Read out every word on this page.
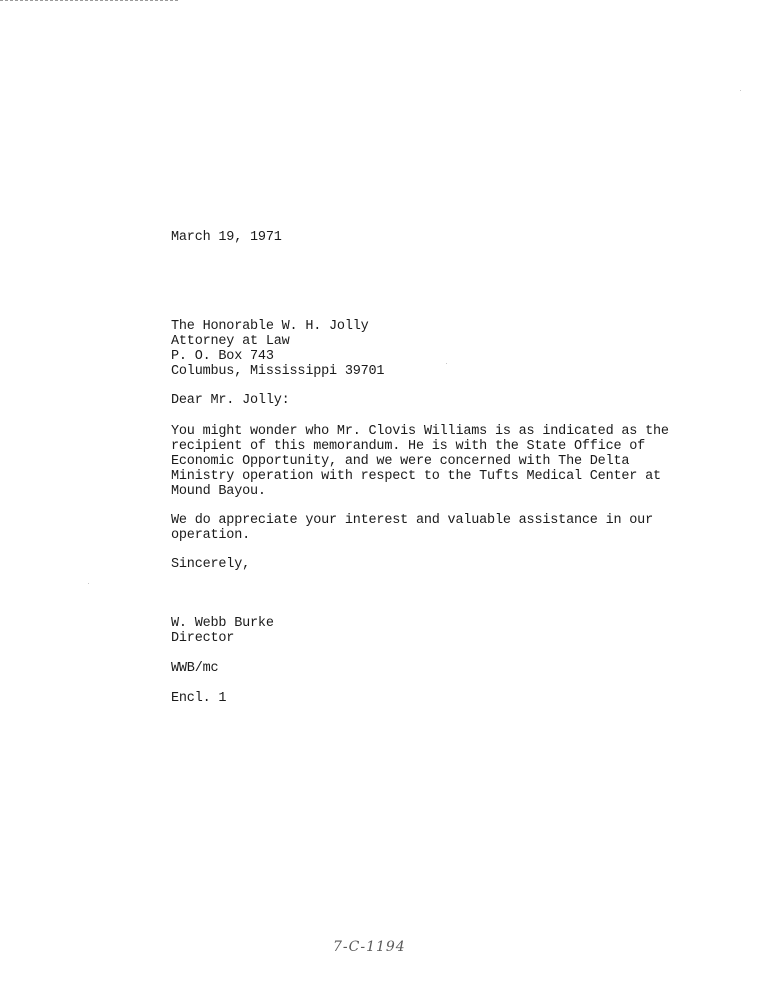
March 19, 1971
The Honorable W. H. Jolly
Attorney at Law
P. O. Box 743
Columbus, Mississippi 39701
Dear Mr. Jolly:
You might wonder who Mr. Clovis Williams is as indicated as the
recipient of this memorandum. He is with the State Office of
Economic Opportunity, and we were concerned with The Delta
Ministry operation with respect to the Tufts Medical Center at
Mound Bayou.
We do appreciate your interest and valuable assistance in our
operation.
Sincerely,
W. Webb Burke
Director
WWB/mc
Encl. 1
7-C-1194
